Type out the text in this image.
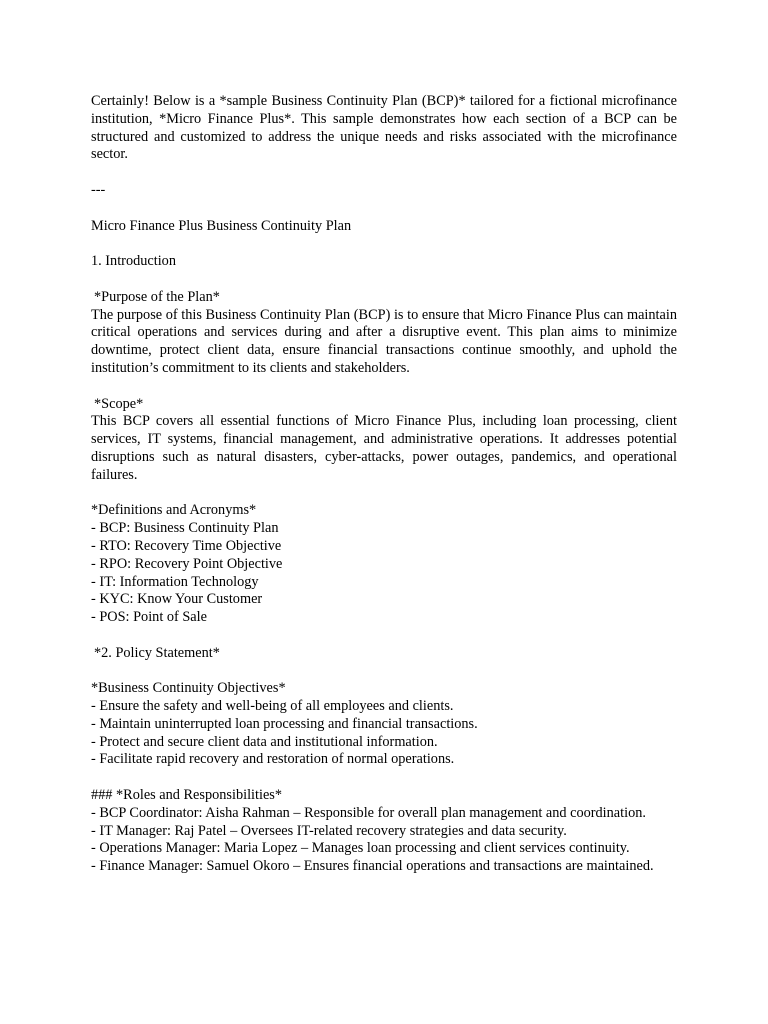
Certainly! Below is a *sample Business Continuity Plan (BCP)* tailored for a fictional microfinance institution, *Micro Finance Plus*. This sample demonstrates how each section of a BCP can be structured and customized to address the unique needs and risks associated with the microfinance sector.

---

Micro Finance Plus Business Continuity Plan

1. Introduction

*Purpose of the Plan*

The purpose of this Business Continuity Plan (BCP) is to ensure that Micro Finance Plus can maintain critical operations and services during and after a disruptive event. This plan aims to minimize downtime, protect client data, ensure financial transactions continue smoothly, and uphold the institution’s commitment to its clients and stakeholders.

*Scope*

This BCP covers all essential functions of Micro Finance Plus, including loan processing, client services, IT systems, financial management, and administrative operations. It addresses potential disruptions such as natural disasters, cyber-attacks, power outages, pandemics, and operational failures.

*Definitions and Acronyms*

- BCP: Business Continuity Plan
- RTO: Recovery Time Objective
- RPO: Recovery Point Objective
- IT: Information Technology
- KYC: Know Your Customer
- POS: Point of Sale

*2. Policy Statement*

*Business Continuity Objectives*

- Ensure the safety and well-being of all employees and clients.
- Maintain uninterrupted loan processing and financial transactions.
- Protect and secure client data and institutional information.
- Facilitate rapid recovery and restoration of normal operations.

### *Roles and Responsibilities*

- BCP Coordinator: Aisha Rahman – Responsible for overall plan management and coordination.
- IT Manager: Raj Patel – Oversees IT-related recovery strategies and data security.
- Operations Manager: Maria Lopez – Manages loan processing and client services continuity.
- Finance Manager: Samuel Okoro – Ensures financial operations and transactions are maintained.
